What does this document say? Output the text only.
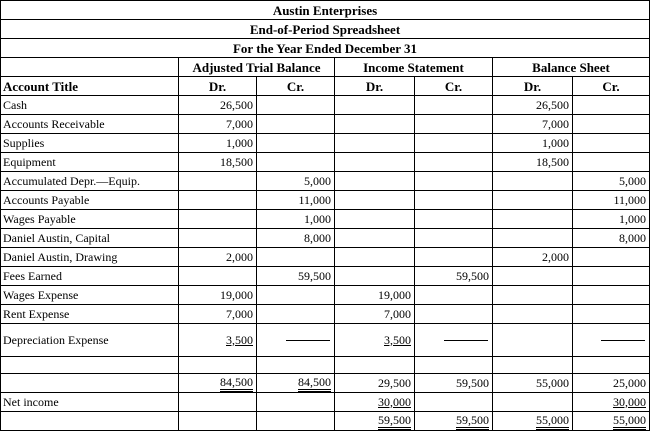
Austin Enterprises						
End-of-Period Spreadsheet						
For the Year Ended December 31						
	Adjusted Trial Balance		Income Statement		Balance Sheet	
Account Title	Dr.	Cr.	Dr.	Cr.	Dr.	Cr.
Cash	26,500				26,500	
Accounts Receivable	7,000				7,000	
Supplies	1,000				1,000	
Equipment	18,500				18,500	
Accumulated Depr.—Equip.		5,000				5,000
Accounts Payable		11,000				11,000
Wages Payable		1,000				1,000
Daniel Austin, Capital		8,000				8,000
Daniel Austin, Drawing	2,000				2,000	
Fees Earned		59,500		59,500		
Wages Expense	19,000		19,000			
Rent Expense	7,000		7,000			
Depreciation Expense	3,500		3,500			

	84,500	84,500	29,500	59,500	55,000	25,000
Net income			30,000			30,000
			59,500	59,500	55,000	55,000
